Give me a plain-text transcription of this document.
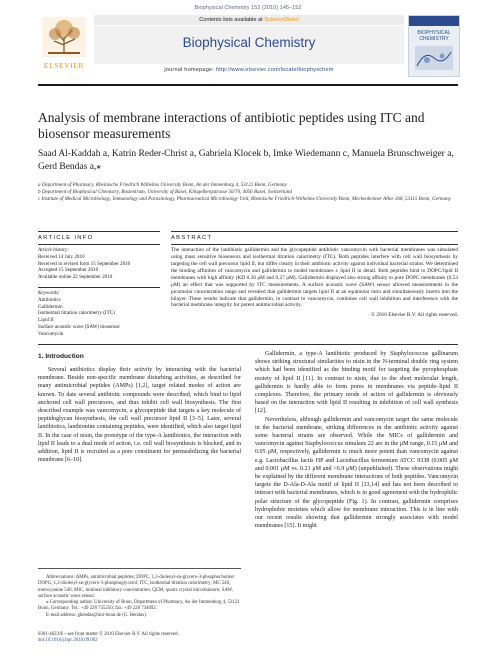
Biophysical Chemistry 152 (2010) 145–152
ELSEVIER
Contents lists available at ScienceDirect
Biophysical Chemistry
journal homepage: http://www.elsevier.com/locate/biophyschem
BIOPHYSICAL CHEMISTRY
Analysis of membrane interactions of antibiotic peptides using ITC and biosensor measurements
Saad Al-Kaddah a, Katrin Reder-Christ a, Gabriela Klocek b, Imke Wiedemann c, Manuela Brunschweiger a, Gerd Bendas a,⁎
a Department of Pharmacy, Rheinische Friedrich Wilhelms University Bonn, An der Immenburg 4, 53121 Bonn, Germany
b Department of Biophysical Chemistry, Biozentrum, University of Basel, Klingelbergstrasse 50/70, 4056 Basel, Switzerland
c Institute of Medical Microbiology, Immunology and Parasitology, Pharmaceutical Microbiology Unit, Rheinische Friedrich-Wilhelms-University Bonn, Meckenheimer Allee 168, 53115 Bonn, Germany
ARTICLE INFO
Article history:
Received 14 July 2010
Received in revised form 15 September 2010
Accepted 15 September 2010
Available online 22 September 2010
Keywords:
Antibiotics
Gallidermin
Isothermal titration calorimetry (ITC)
Lipid II
Surface acoustic wave (SAW) biosensor
Vancomycin
ABSTRACT
The interaction of the lantibiotic gallidermin and the glycopeptide antibiotic vancomycin with bacterial membranes was simulated using mass sensitive biosensors and isothermal titration calorimetry (ITC). Both peptides interfere with cell wall biosynthesis by targeting the cell wall precursor lipid II, but differ clearly in their antibiotic activity against individual bacterial strains. We determined the binding affinities of vancomycin and gallidermin to model membranes ± lipid II in detail. Both peptides bind to DOPC/lipid II membranes with high affinity (KD 0.30 μM and 0.27 μM). Gallidermin displayed also strong affinity to pure DOPC membranes (0.53 μM) an effect that was supported by ITC measurements. A surface acoustic wave (SAW) sensor allowed measurements in the picomolar concentration range and revealed that gallidermin targets lipid II at an equimolar ratio and simultaneously inserts into the bilayer. These results indicate that gallidermin, in contrast to vancomycin, combines cell wall inhibition and interference with the bacterial membrane integrity for potent antimicrobial activity.
© 2010 Elsevier B.V. All rights reserved.
1. Introduction

Several antibiotics display their activity by interacting with the bacterial membrane. Beside non-specific membrane disturbing activities, as described for many antimicrobial peptides (AMPs) [1,2], target related modes of action are known. To date several antibiotic compounds were described, which bind to lipid anchored cell wall precursors, and thus inhibit cell wall biosynthesis. The first described example was vancomycin, a glycopeptide that targets a key molecule of peptidoglycan biosynthesis, the cell wall precursor lipid II [3–5]. Later, several lantibiotics, lanthionine containing peptides, were identified, which also target lipid II. In the case of nisin, the prototype of the type-A lantibiotics, the interaction with lipid II leads to a dual mode of action, i.e. cell wall biosynthesis is blocked, and in addition, lipid II is recruited as a pore constituent for permeabilizing the bacterial membrane [6–10].

Gallidermin, a type-A lantibiotic produced by Staphylococcus gallinarum shows striking structural similarities to nisin in the N-terminal double ring system which had been identified as the binding motif for targeting the pyrophosphate moiety of lipid II [11]. In contrast to nisin, due to the short molecular length, gallidermin is hardly able to form pores in membranes via peptide–lipid II complexes. Therefore, the primary mode of action of gallidermin is obviously based on the interaction with lipid II resulting in inhibition of cell wall synthesis [12].

Nevertheless, although gallidermin and vancomycin target the same molecule in the bacterial membrane, striking differences in the antibiotic activity against some bacterial strains are observed. While the MICs of gallidermin and vancomycin against Staphylococcus simulans 22 are in the μM range, 0.15 μM and 0.05 μM, respectively, gallidermin is much more potent than vancomycin against e.g. Lactobacillus lactis HP and Lactobacillus fermentum ATCC 9338 (0.005 μM and 0.001 μM vs. 0.21 μM and >6.9 μM) (unpublished). These observations might be explained by the different membrane interactions of both peptides. Vancomycin targets the D-Ala-D-Ala motif of lipid II [13,14] and has not been described to interact with bacterial membranes, which is in good agreement with the hydrophilic polar structure of the glycopeptide (Fig. 1). In contrast, gallidermin comprises hydrophobic moieties which allow for membrane interaction. This is in line with our recent results showing that gallidermin strongly associates with model membranes [15]. It might

Abbreviations: AMPs, antimicrobial peptides; DOPC, 1,2-dioleoyl-sn-glycero-3-phosphocholine; DOPG, 1,2-dioleoyl-sn-glycero-3-phosphoglycerol; ITC, isothermal titration calorimetry; MC 540, merocyanine 540; MIC, minimal inhibitory concentration; QCM, quartz crystal microbalance; SAW, surface acoustic wave sensor.

⁎ Corresponding author. University of Bonn, Department of Pharmacy, An der Immenburg 4, 53121 Bonn, Germany. Tel.: +49 228 735250; fax: +49 228 734692.

E-mail address: gbendas@uni-bonn.de (G. Bendas).

0301-4622/$ – see front matter © 2010 Elsevier B.V. All rights reserved.
doi:10.1016/j.bpc.2010.09.002
